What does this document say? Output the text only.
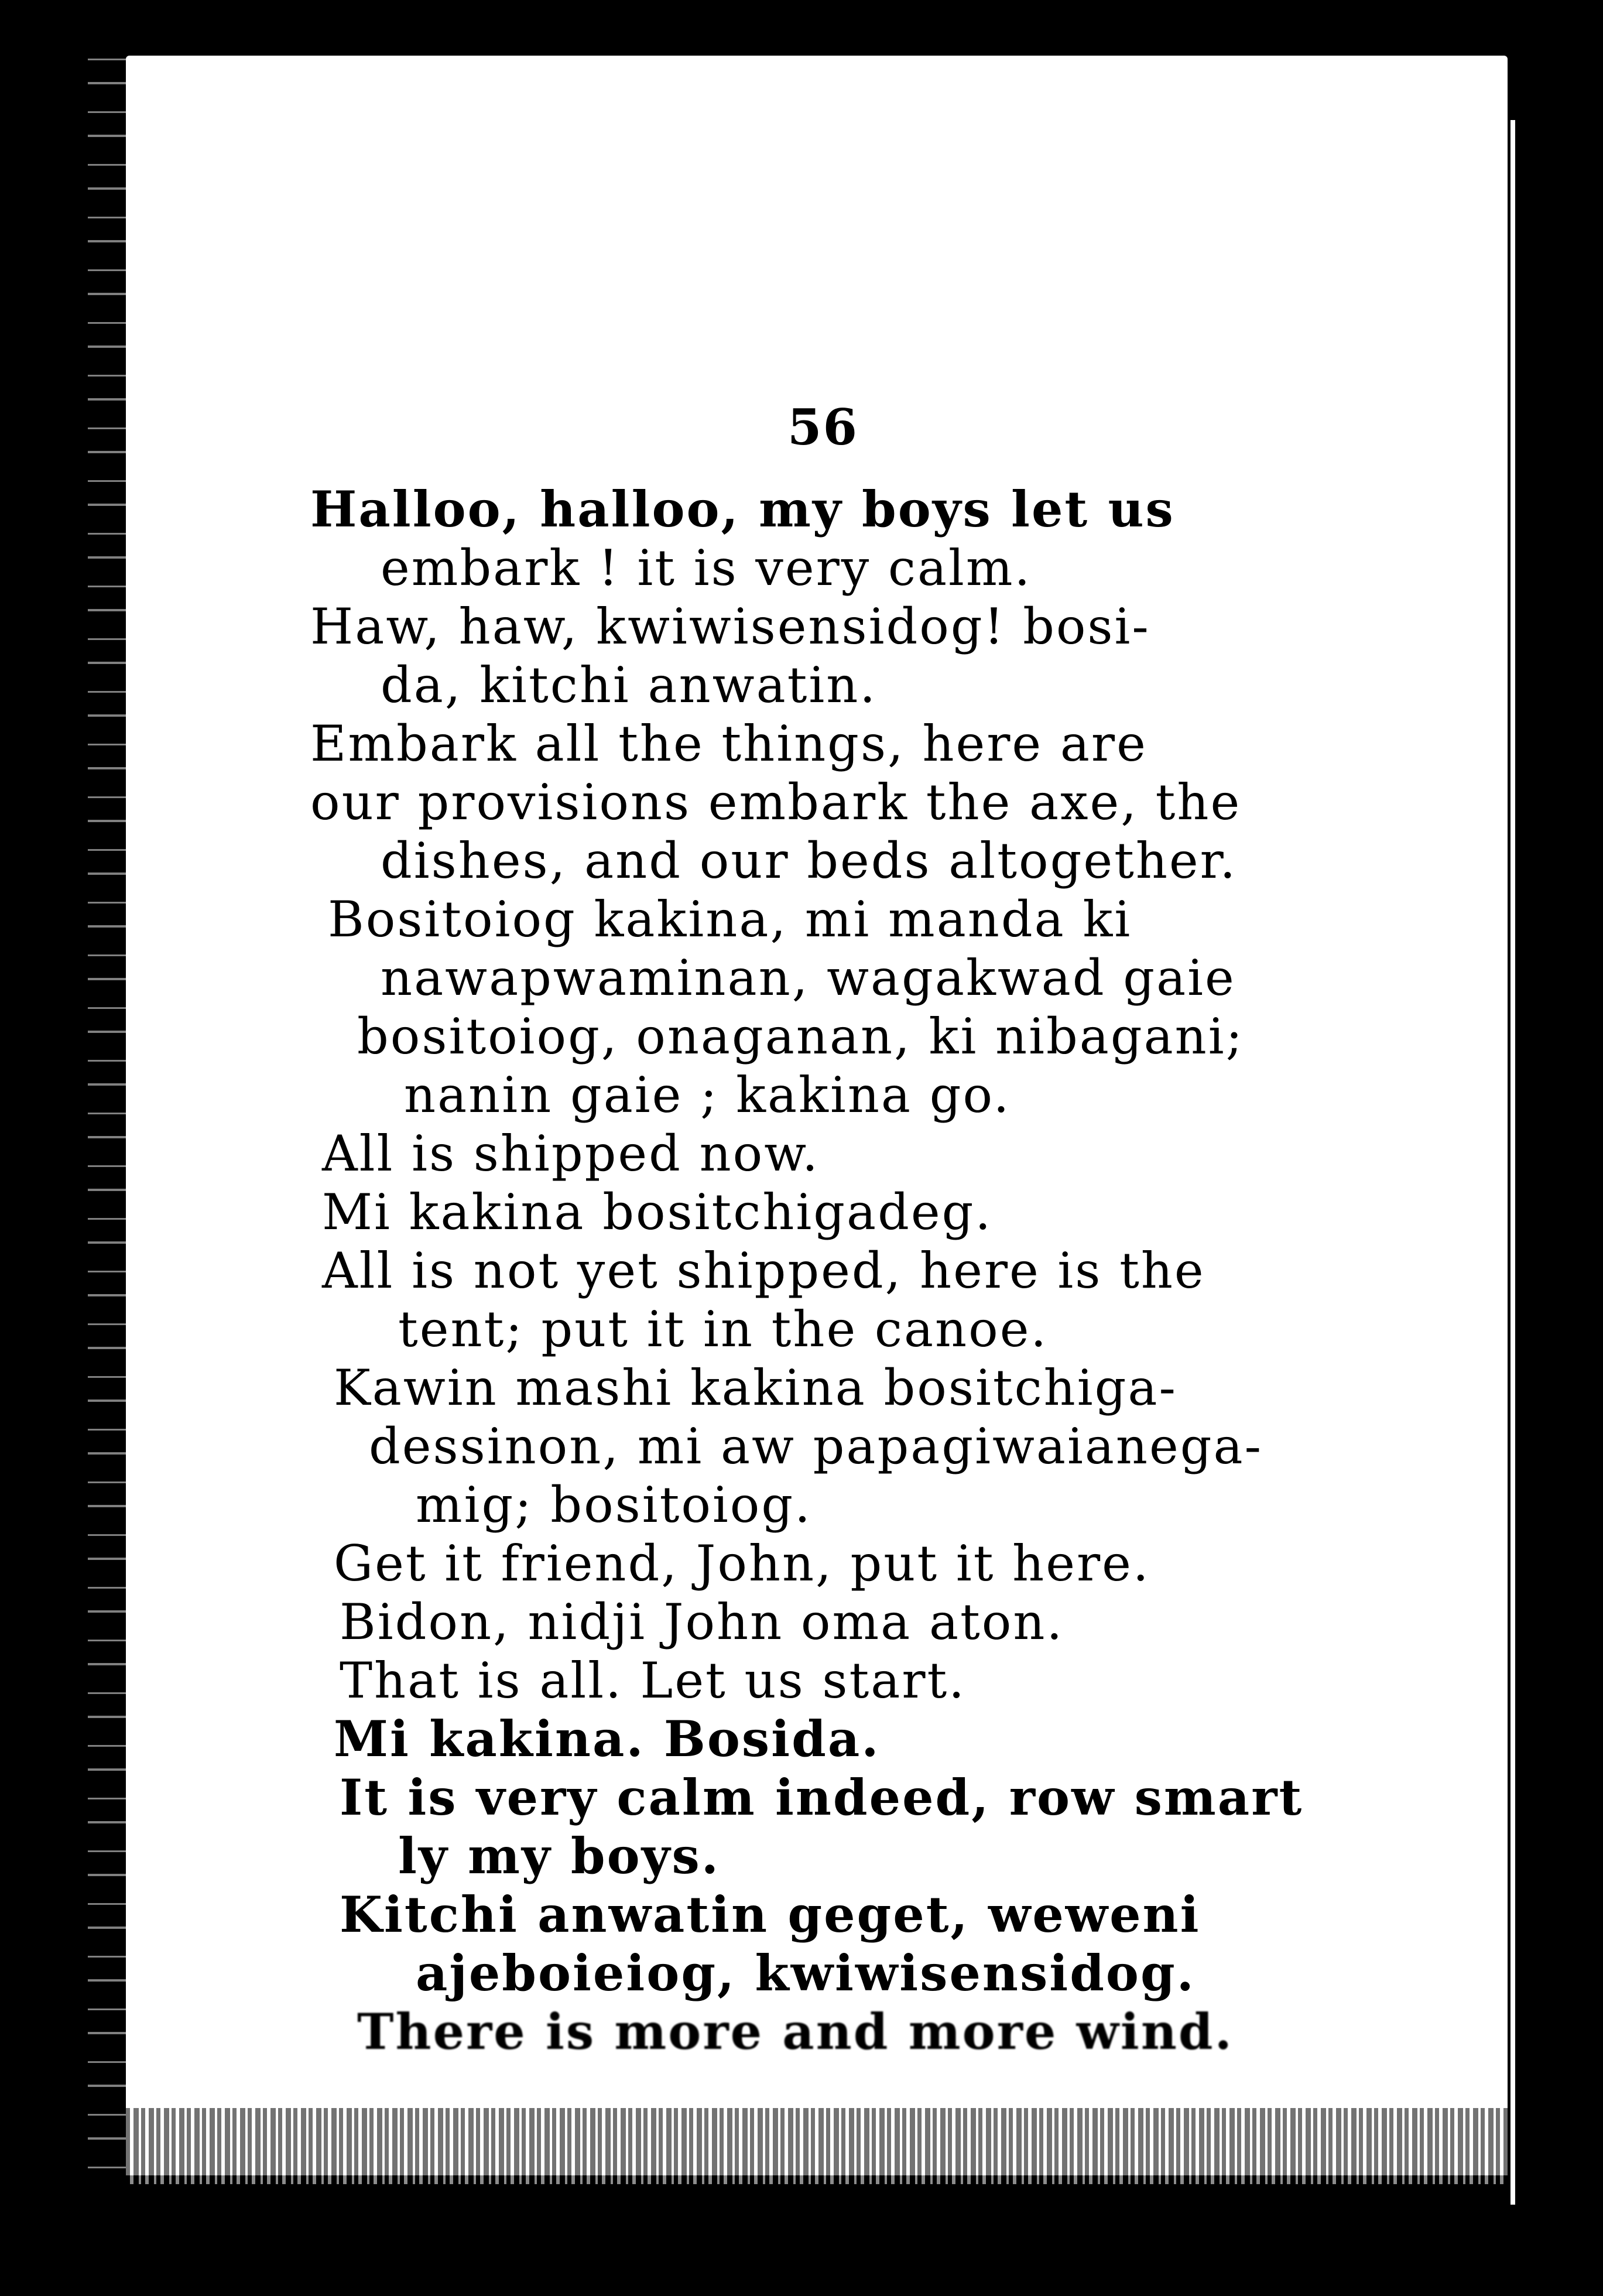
56
Halloo, halloo, my boys let us
embark ! it is very calm.
Haw, haw, kwiwisensidog! bosi-
da, kitchi anwatin.
Embark all the things, here are
our provisions embark the axe, the
dishes, and our beds altogether.
Bositoiog kakina, mi manda ki
nawapwaminan, wagakwad gaie
bositoiog, onaganan, ki nibagani;
nanin gaie ; kakina go.
All is shipped now.
Mi kakina bositchigadeg.
All is not yet shipped, here is the
tent; put it in the canoe.
Kawin mashi kakina bositchiga-
dessinon, mi aw papagiwaianega-
mig; bositoiog.
Get it friend, John, put it here.
Bidon, nidji John oma aton.
That is all. Let us start.
Mi kakina. Bosida.
It is very calm indeed, row smart
ly my boys.
Kitchi anwatin geget, weweni
ajeboieiog, kwiwisensidog.
There is more and more wind.
